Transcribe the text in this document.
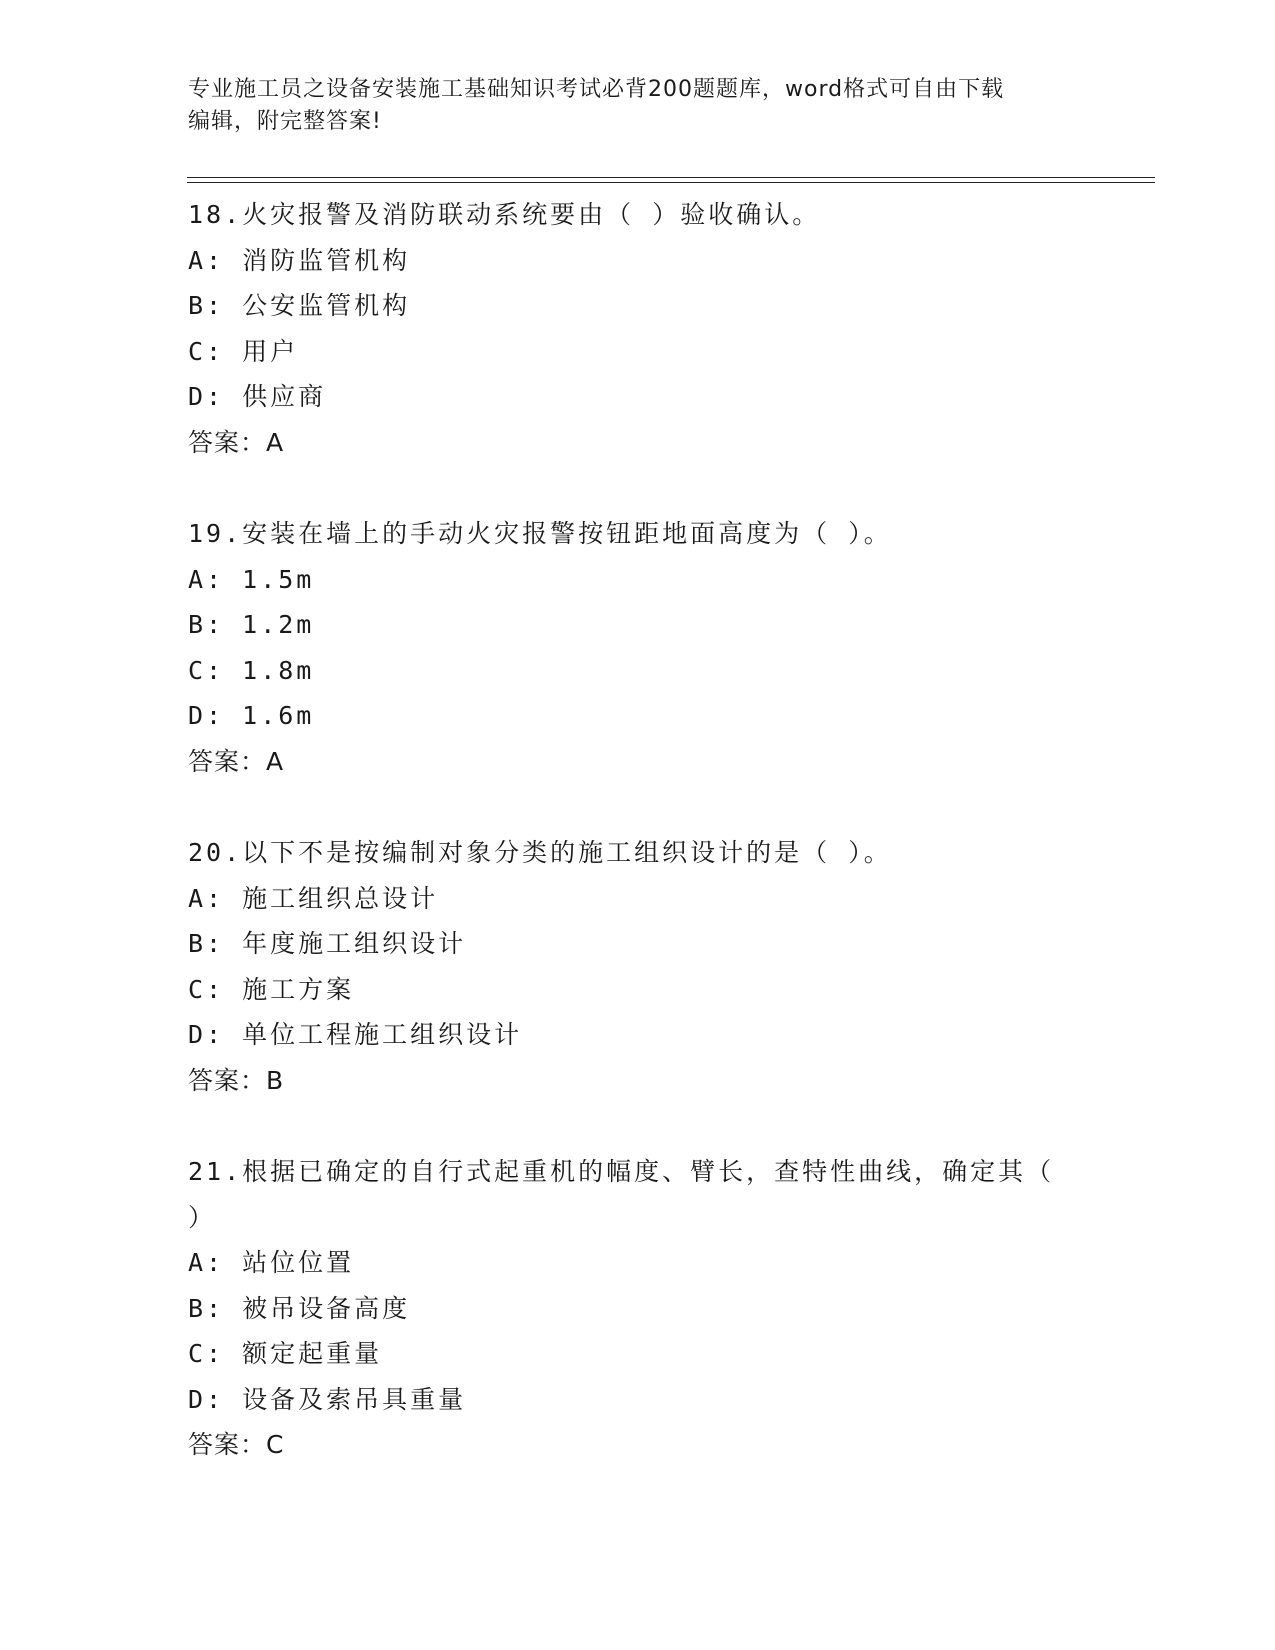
专业施工员之设备安装施工基础知识考试必背200题题库，word格式可自由下载
编辑，附完整答案!
18.火灾报警及消防联动系统要由（ ）验收确认。
A: 消防监管机构
B: 公安监管机构
C: 用户
D: 供应商
答案：A
19.安装在墙上的手动火灾报警按钮距地面高度为（ ）。
A: 1.5m
B: 1.2m
C: 1.8m
D: 1.6m
答案：A
20.以下不是按编制对象分类的施工组织设计的是（ ）。
A: 施工组织总设计
B: 年度施工组织设计
C: 施工方案
D: 单位工程施工组织设计
答案：B
21.根据已确定的自行式起重机的幅度、臂长，查特性曲线，确定其（ ）
A: 站位位置
B: 被吊设备高度
C: 额定起重量
D: 设备及索吊具重量
答案：C
